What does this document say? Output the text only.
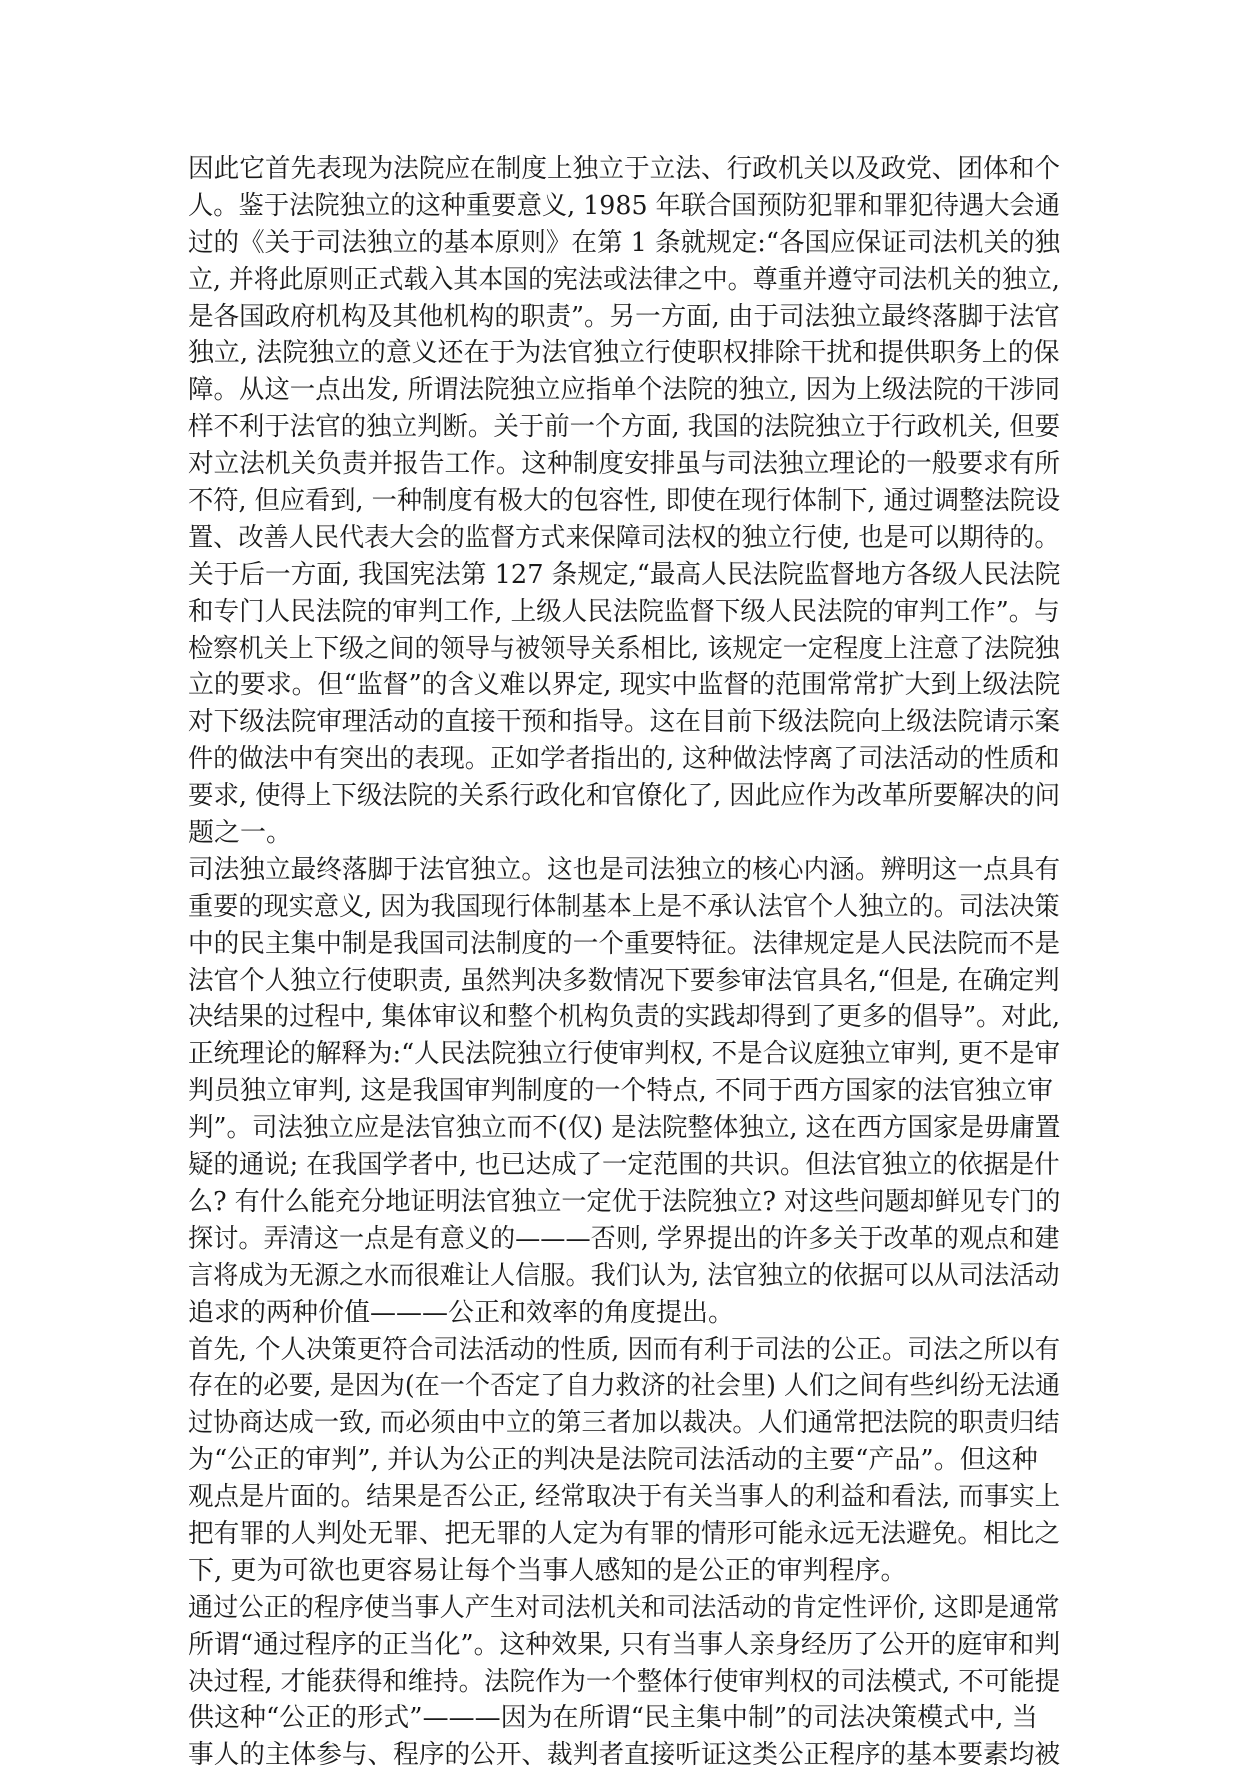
因此它首先表现为法院应在制度上独立于立法、行政机关以及政党、团体和个
人。鉴于法院独立的这种重要意义, 1985 年联合国预防犯罪和罪犯待遇大会通
过的《关于司法独立的基本原则》在第 1 条就规定:“各国应保证司法机关的独
立, 并将此原则正式载入其本国的宪法或法律之中。尊重并遵守司法机关的独立,
是各国政府机构及其他机构的职责”。另一方面, 由于司法独立最终落脚于法官
独立, 法院独立的意义还在于为法官独立行使职权排除干扰和提供职务上的保
障。从这一点出发, 所谓法院独立应指单个法院的独立, 因为上级法院的干涉同
样不利于法官的独立判断。关于前一个方面, 我国的法院独立于行政机关, 但要
对立法机关负责并报告工作。这种制度安排虽与司法独立理论的一般要求有所
不符, 但应看到, 一种制度有极大的包容性, 即使在现行体制下, 通过调整法院设
置、改善人民代表大会的监督方式来保障司法权的独立行使, 也是可以期待的。
关于后一方面, 我国宪法第 127 条规定,“最高人民法院监督地方各级人民法院
和专门人民法院的审判工作, 上级人民法院监督下级人民法院的审判工作”。与
检察机关上下级之间的领导与被领导关系相比, 该规定一定程度上注意了法院独
立的要求。但“监督”的含义难以界定, 现实中监督的范围常常扩大到上级法院
对下级法院审理活动的直接干预和指导。这在目前下级法院向上级法院请示案
件的做法中有突出的表现。正如学者指出的, 这种做法悖离了司法活动的性质和
要求, 使得上下级法院的关系行政化和官僚化了, 因此应作为改革所要解决的问
题之一。
司法独立最终落脚于法官独立。这也是司法独立的核心内涵。辨明这一点具有
重要的现实意义, 因为我国现行体制基本上是不承认法官个人独立的。司法决策
中的民主集中制是我国司法制度的一个重要特征。法律规定是人民法院而不是
法官个人独立行使职责, 虽然判决多数情况下要参审法官具名,“但是, 在确定判
决结果的过程中, 集体审议和整个机构负责的实践却得到了更多的倡导”。对此,
正统理论的解释为:“人民法院独立行使审判权, 不是合议庭独立审判, 更不是审
判员独立审判, 这是我国审判制度的一个特点, 不同于西方国家的法官独立审
判”。司法独立应是法官独立而不(仅) 是法院整体独立, 这在西方国家是毋庸置
疑的通说; 在我国学者中, 也已达成了一定范围的共识。但法官独立的依据是什
么? 有什么能充分地证明法官独立一定优于法院独立? 对这些问题却鲜见专门的
探讨。弄清这一点是有意义的———否则, 学界提出的许多关于改革的观点和建
言将成为无源之水而很难让人信服。我们认为, 法官独立的依据可以从司法活动
追求的两种价值———公正和效率的角度提出。
首先, 个人决策更符合司法活动的性质, 因而有利于司法的公正。司法之所以有
存在的必要, 是因为(在一个否定了自力救济的社会里) 人们之间有些纠纷无法通
过协商达成一致, 而必须由中立的第三者加以裁决。人们通常把法院的职责归结
为“公正的审判”, 并认为公正的判决是法院司法活动的主要“产品”。但这种
观点是片面的。结果是否公正, 经常取决于有关当事人的利益和看法, 而事实上
把有罪的人判处无罪、把无罪的人定为有罪的情形可能永远无法避免。相比之
下, 更为可欲也更容易让每个当事人感知的是公正的审判程序。
通过公正的程序使当事人产生对司法机关和司法活动的肯定性评价, 这即是通常
所谓“通过程序的正当化”。这种效果, 只有当事人亲身经历了公开的庭审和判
决过程, 才能获得和维持。法院作为一个整体行使审判权的司法模式, 不可能提
供这种“公正的形式”———因为在所谓“民主集中制”的司法决策模式中, 当
事人的主体参与、程序的公开、裁判者直接听证这类公正程序的基本要素均被
